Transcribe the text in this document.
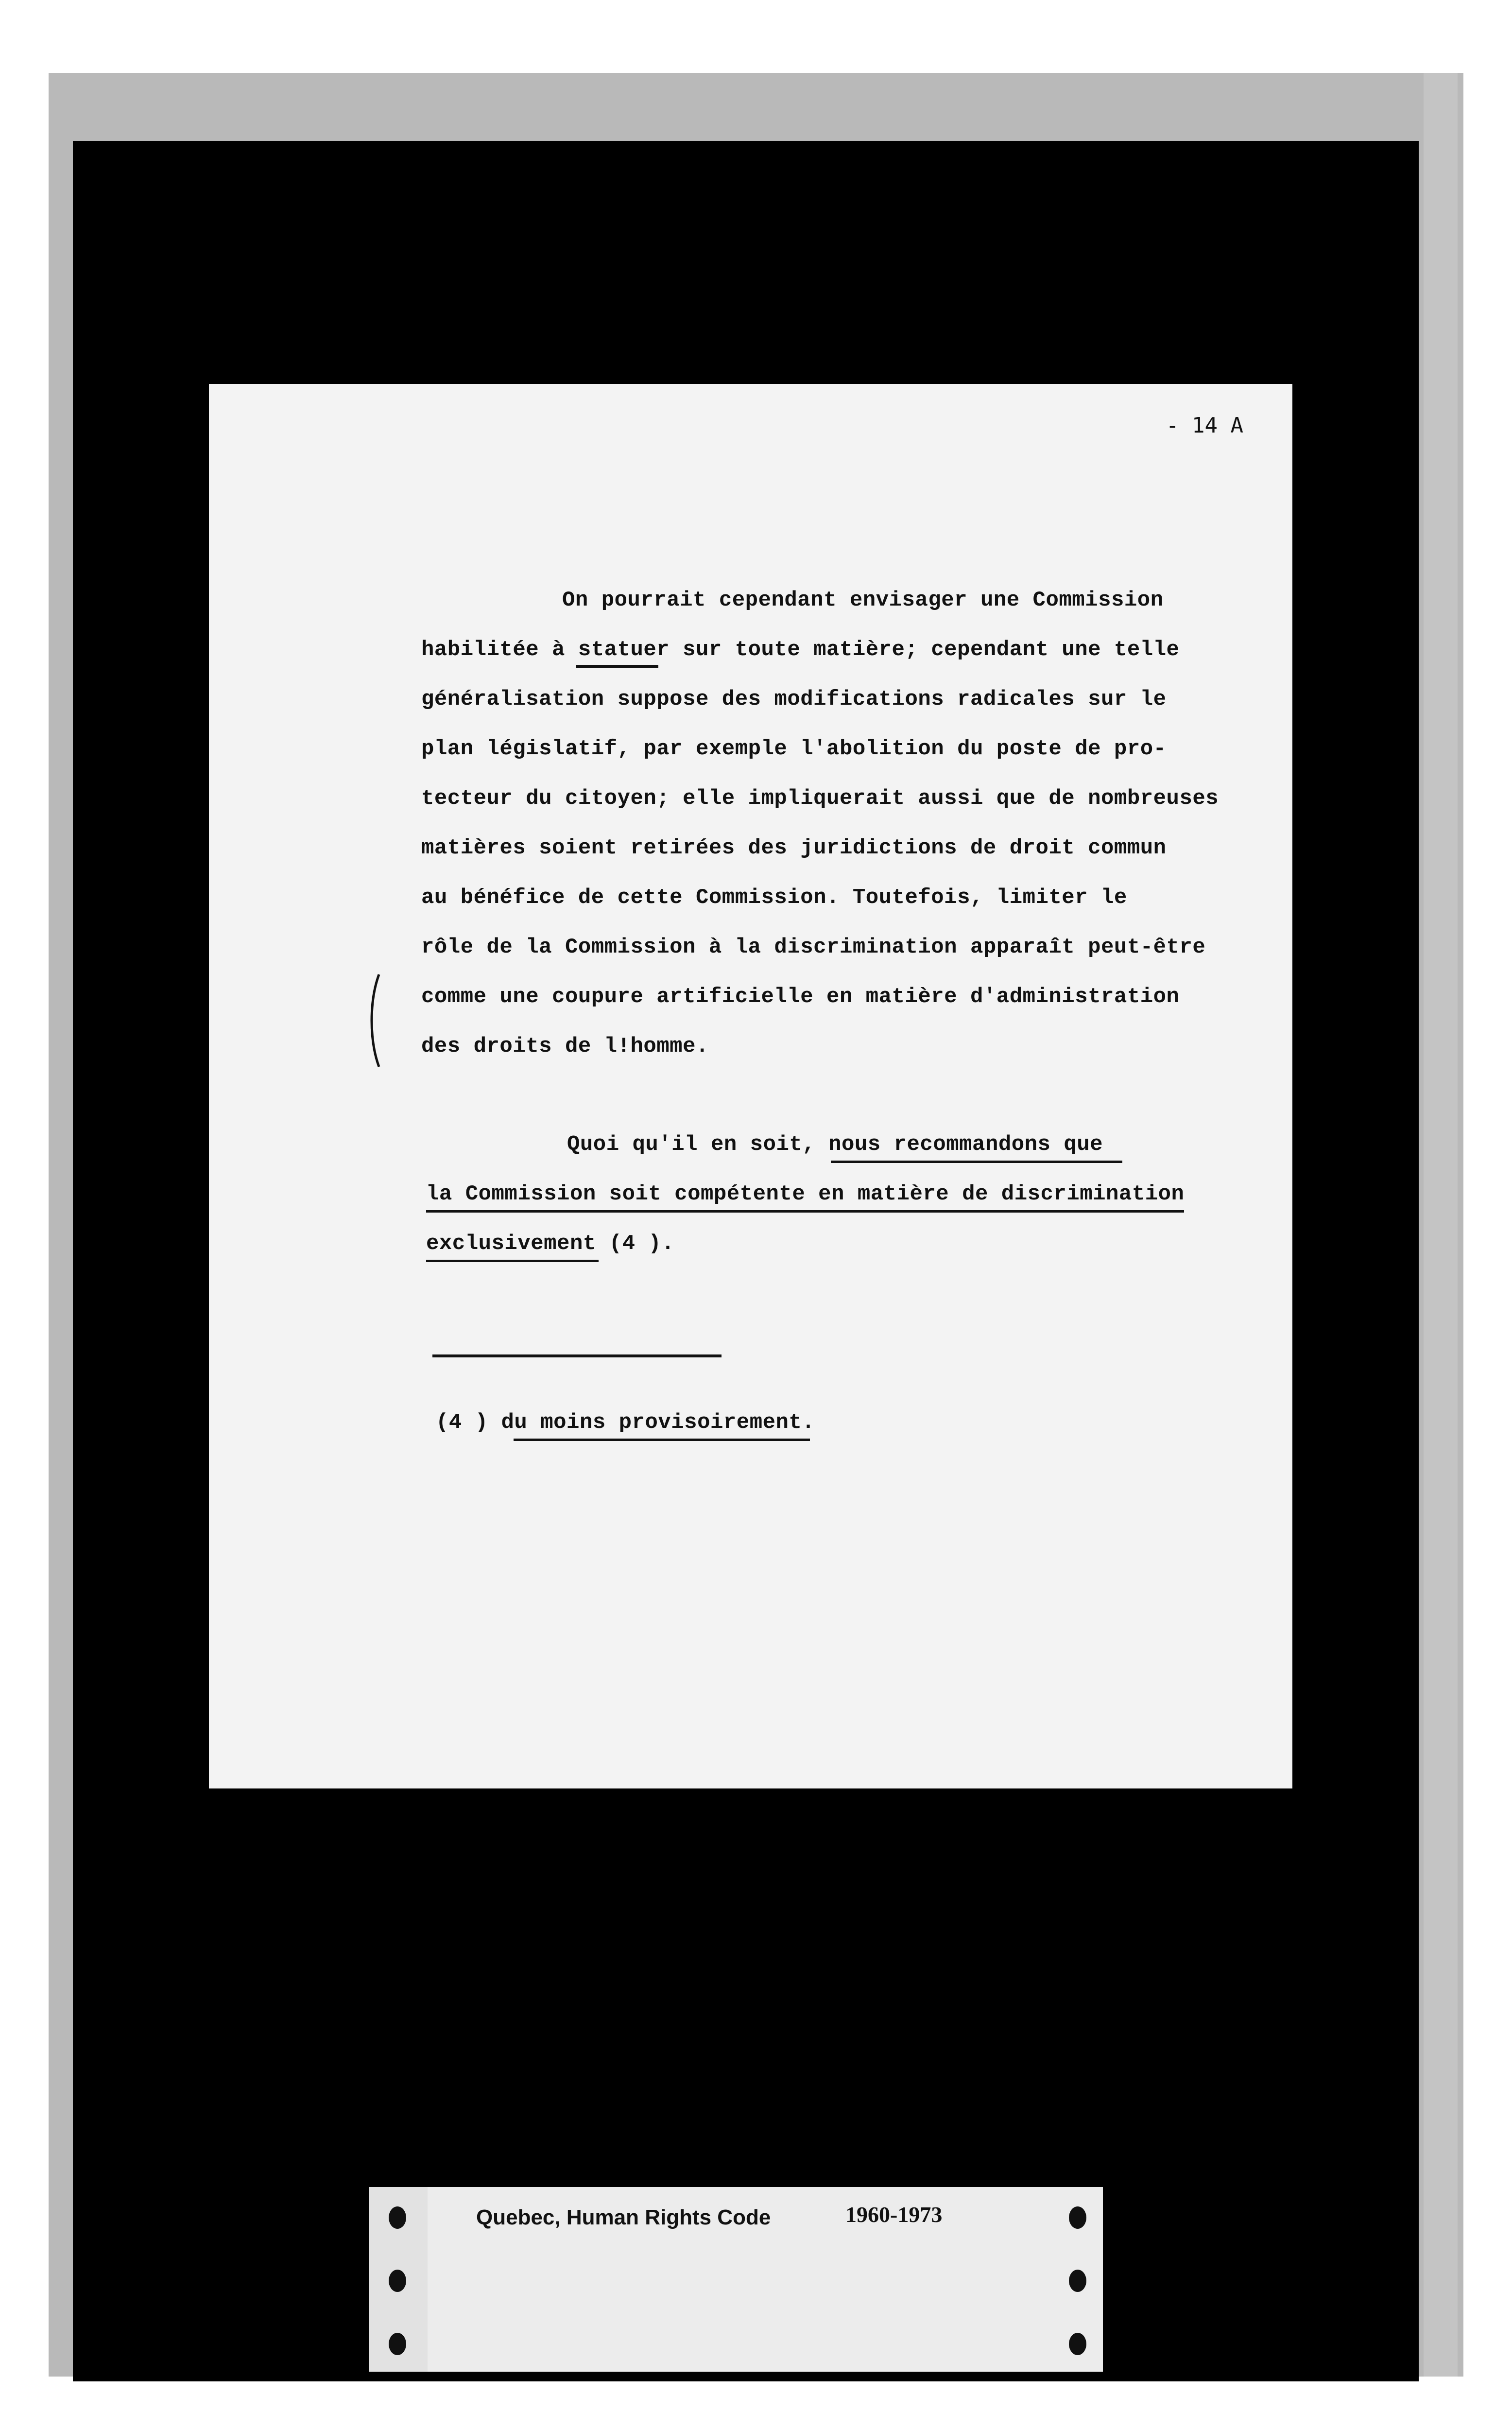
- 14 A
On pourrait cependant envisager une Commission
habilitée à statuer sur toute matière; cependant une telle
généralisation suppose des modifications radicales sur le
plan législatif, par exemple l'abolition du poste de pro-
tecteur du citoyen; elle impliquerait aussi que de nombreuses
matières soient retirées des juridictions de droit commun
au bénéfice de cette Commission. Toutefois, limiter le
rôle de la Commission à la discrimination apparaît peut-être
comme une coupure artificielle en matière d'administration
des droits de l!homme.
Quoi qu'il en soit, nous recommandons que
la Commission soit compétente en matière de discrimination
exclusivement (4 ).
(4 ) du moins provisoirement.
Quebec, Human Rights Code	1960-1973
